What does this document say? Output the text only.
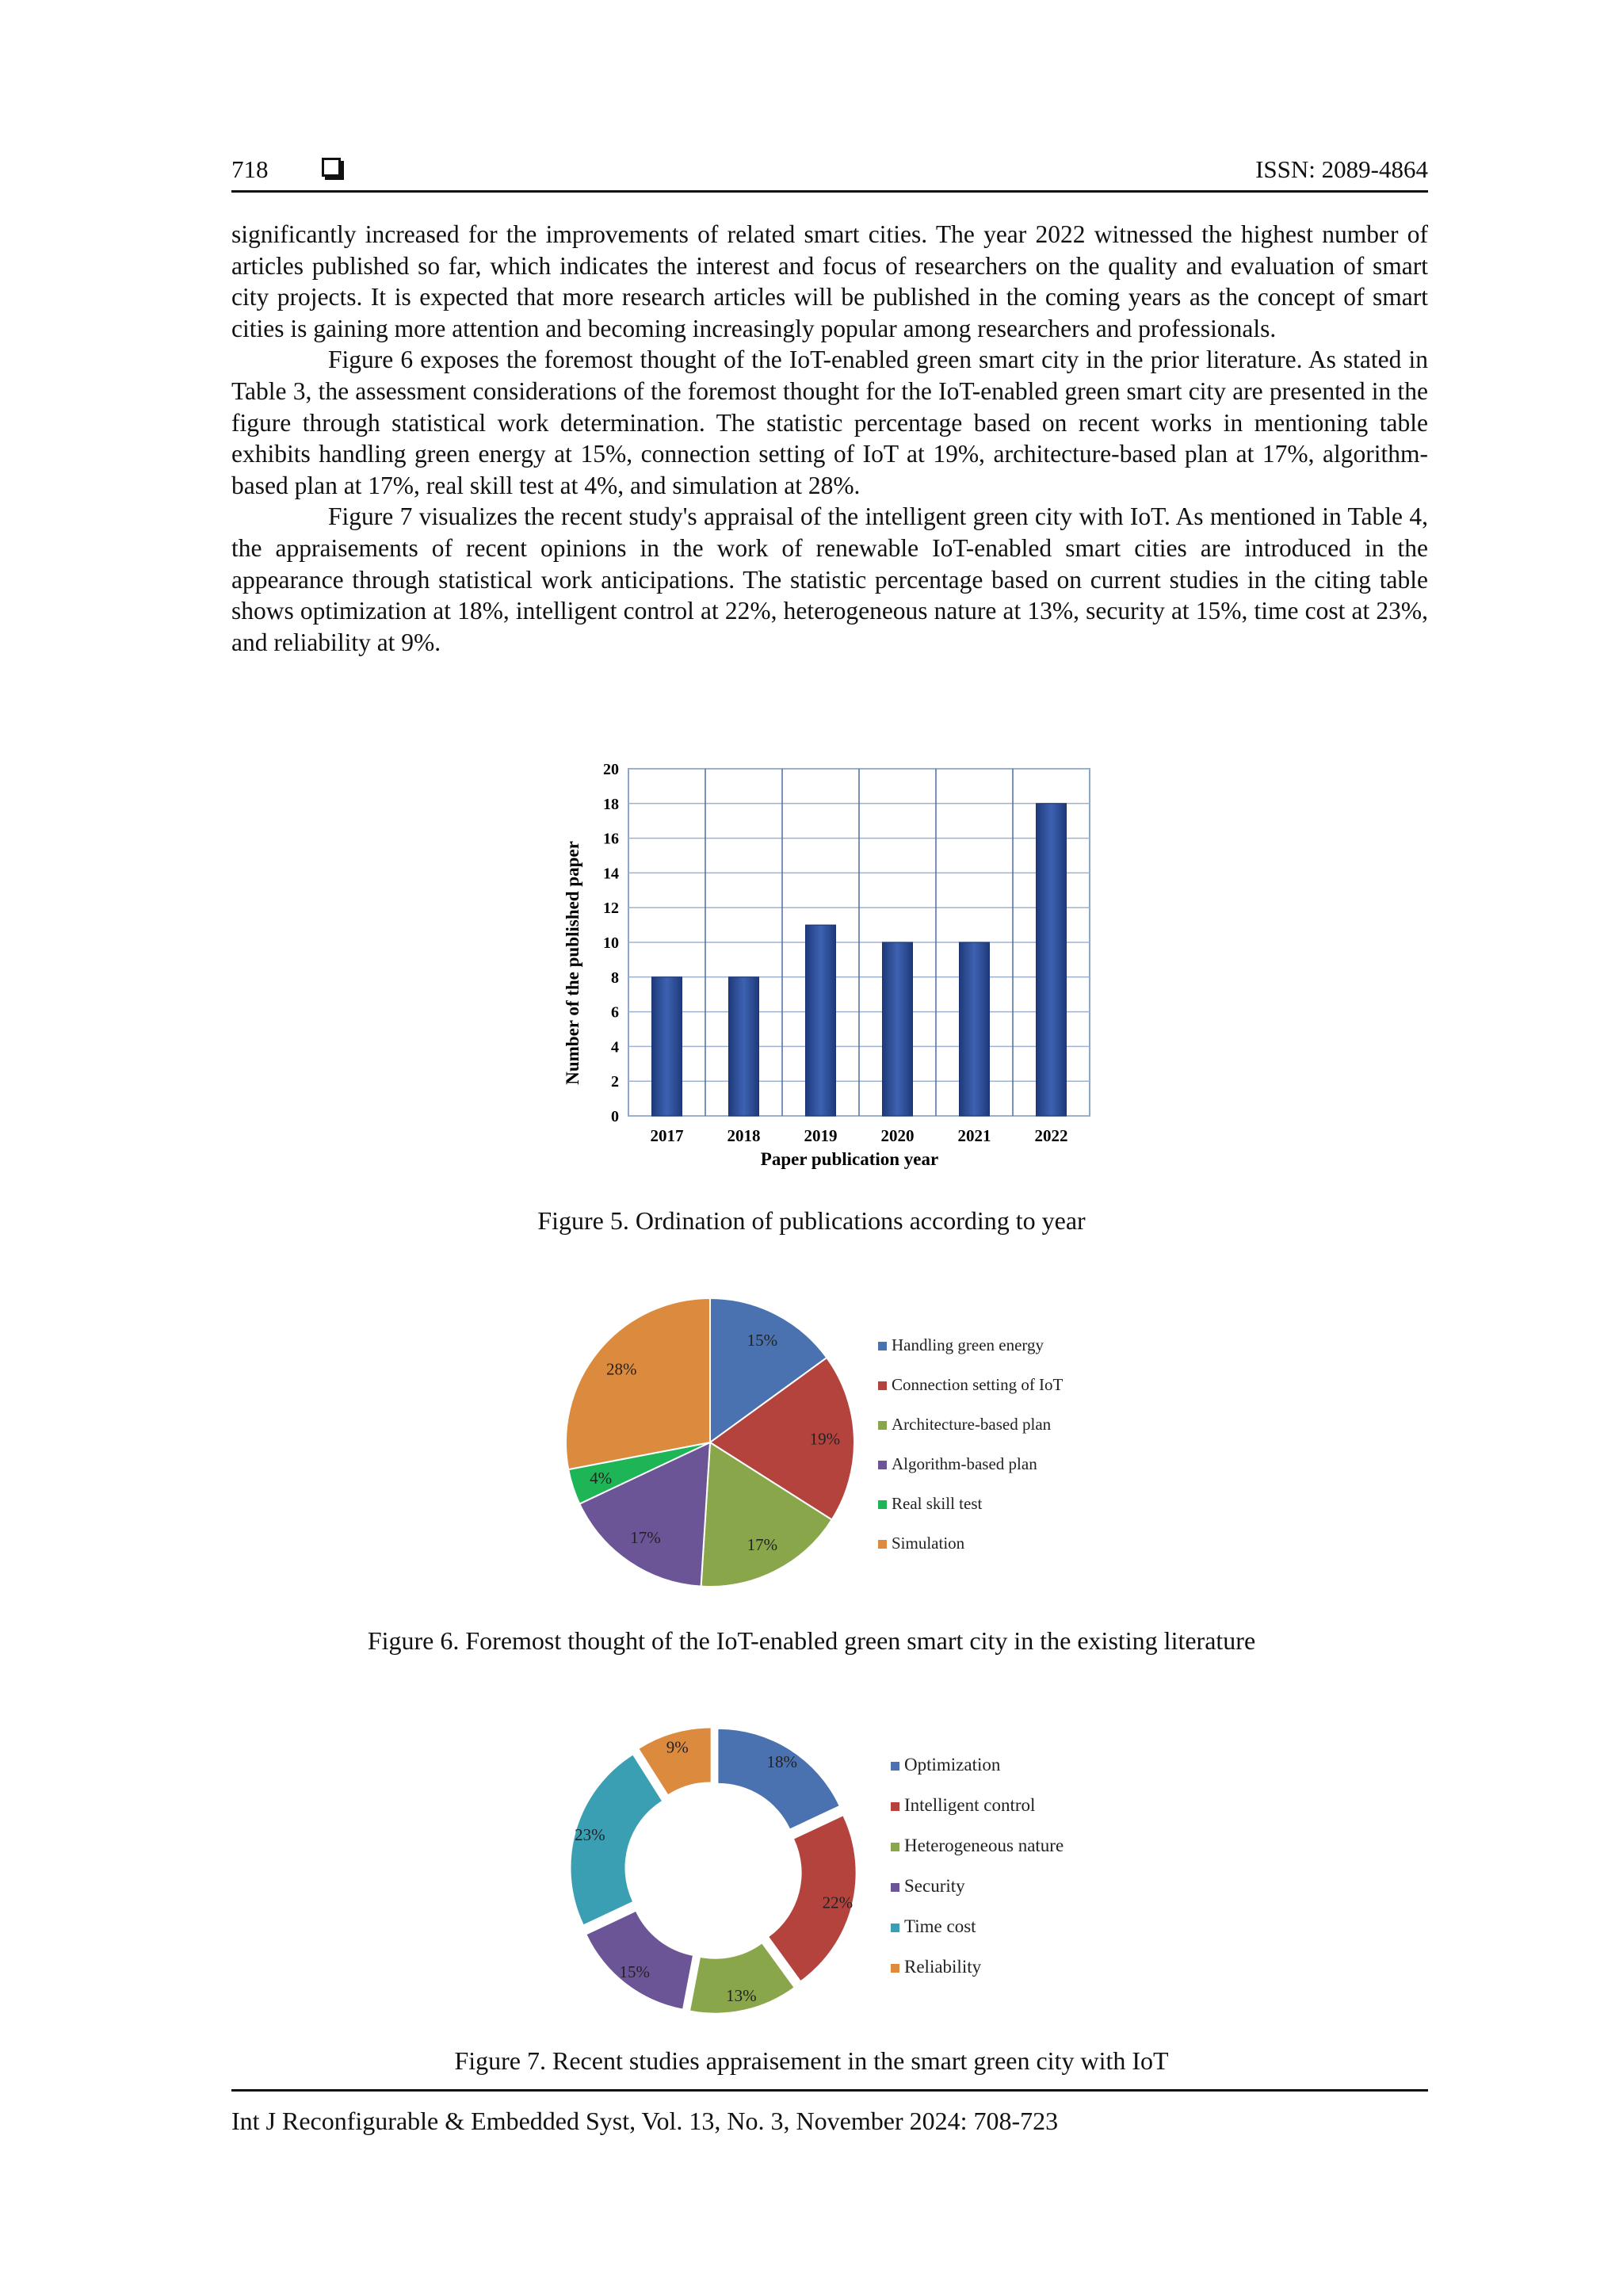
718	ISSN: 2089-4864

significantly increased for the improvements of related smart cities. The year 2022 witnessed the highest number of articles published so far, which indicates the interest and focus of researchers on the quality and evaluation of smart city projects. It is expected that more research articles will be published in the coming years as the concept of smart cities is gaining more attention and becoming increasingly popular among researchers and professionals.

Figure 6 exposes the foremost thought of the IoT-enabled green smart city in the prior literature. As stated in Table 3, the assessment considerations of the foremost thought for the IoT-enabled green smart city are presented in the figure through statistical work determination. The statistic percentage based on recent works in mentioning table exhibits handling green energy at 15%, connection setting of IoT at 19%, architecture-based plan at 17%, algorithm-based plan at 17%, real skill test at 4%, and simulation at 28%.

Figure 7 visualizes the recent study's appraisal of the intelligent green city with IoT. As mentioned in Table 4, the appraisements of recent opinions in the work of renewable IoT-enabled smart cities are introduced in the appearance through statistical work anticipations. The statistic percentage based on current studies in the citing table shows optimization at 18%, intelligent control at 22%, heterogeneous nature at 13%, security at 15%, time cost at 23%, and reliability at 9%.

0
2
4
6
8
10
12
14
16
18
20
2017	2018	2019	2020	2021	2022
Paper publication year
Number of the published paper
Figure 5. Ordination of publications according to year
15%
19%
17%
17%
4%
28%
Handling green energy
Connection setting of IoT
Architecture-based plan
Algorithm-based plan
Real skill test
Simulation
Figure 6. Foremost thought of the IoT-enabled green smart city in the existing literature
18%
22%
13%
15%
23%
9%
Optimization
Intelligent control
Heterogeneous nature
Security
Time cost
Reliability
Figure 7. Recent studies appraisement in the smart green city with IoT
Int J Reconfigurable & Embedded Syst, Vol. 13, No. 3, November 2024: 708-723
